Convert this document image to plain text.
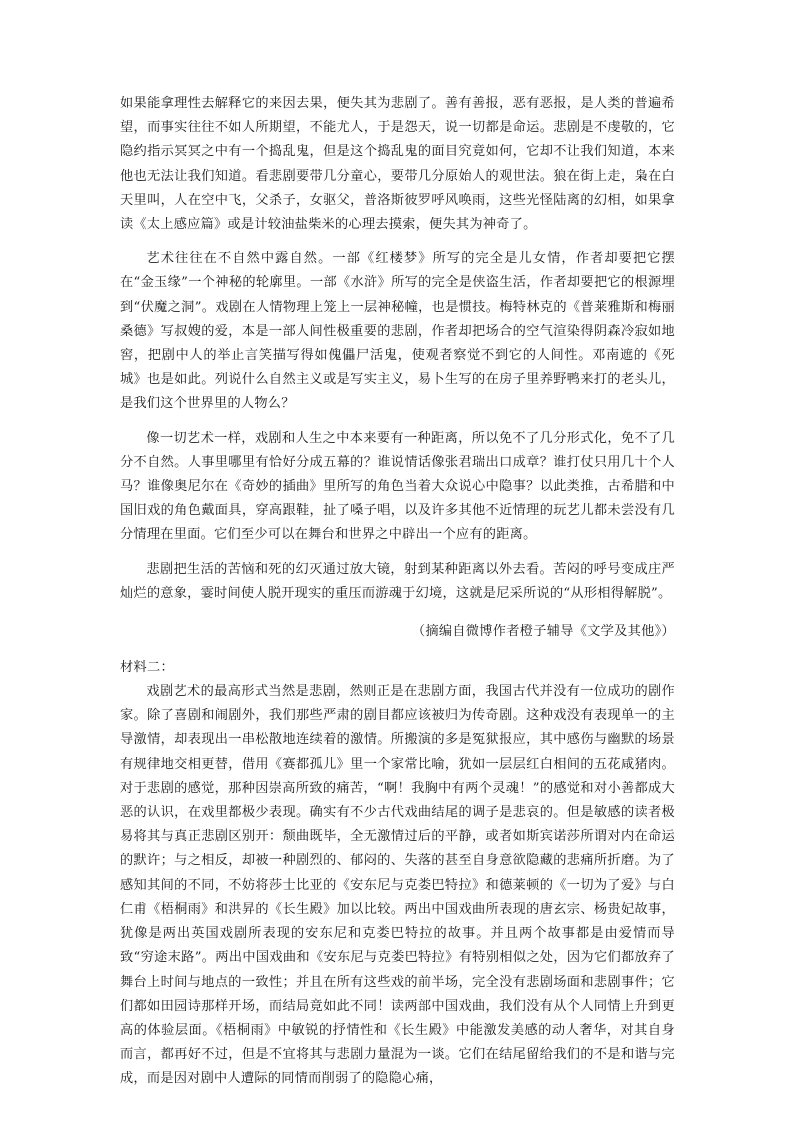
如果能拿理性去解释它的来因去果，便失其为悲剧了。善有善报，恶有恶报，是人类的普遍希望，而事实往往不如人所期望，不能尤人，于是怨天，说一切都是命运。悲剧是不虔敬的，它隐约指示冥冥之中有一个捣乱鬼，但是这个捣乱鬼的面目究竟如何，它却不让我们知道，本来他也无法让我们知道。看悲剧要带几分童心，要带几分原始人的观世法。狼在街上走，枭在白天里叫，人在空中飞，父杀子，女驱父，普洛斯彼罗呼风唤雨，这些光怪陆离的幻相，如果拿读《太上感应篇》或是计较油盐柴米的心理去摸索，便失其为神奇了。

艺术往往在不自然中露自然。一部《红楼梦》所写的完全是儿女情，作者却要把它摆在“金玉缘”一个神秘的轮廓里。一部《水浒》所写的完全是侠盗生活，作者却要把它的根源埋到“伏魔之洞”。戏剧在人情物理上笼上一层神秘幢，也是惯技。梅特林克的《普莱雅斯和梅丽桑德》写叔嫂的爱，本是一部人间性极重要的悲剧，作者却把场合的空气渲染得阴森冷寂如地窖，把剧中人的举止言笑描写得如傀儡尸活鬼，使观者察觉不到它的人间性。邓南遮的《死城》也是如此。列说什么自然主义或是写实主义，易卜生写的在房子里养野鸭来打的老头儿，是我们这个世界里的人物么？

像一切艺术一样，戏剧和人生之中本来要有一种距离，所以免不了几分形式化，免不了几分不自然。人事里哪里有恰好分成五幕的？谁说情话像张君瑞出口成章？谁打仗只用几十个人马？谁像奥尼尔在《奇妙的插曲》里所写的角色当着大众说心中隐事？以此类推，古希腊和中国旧戏的角色戴面具，穿高跟鞋，扯了嗓子唱，以及许多其他不近情理的玩艺儿都未尝没有几分情理在里面。它们至少可以在舞台和世界之中辟出一个应有的距离。

悲剧把生活的苦恼和死的幻灭通过放大镜，射到某种距离以外去看。苦闷的呼号变成庄严灿烂的意象，霎时间使人脱开现实的重压而游魂于幻境，这就是尼采所说的“从形相得解脱”。

（摘编自微博作者橙子辅导《文学及其他》）

材料二：

戏剧艺术的最高形式当然是悲剧，然则正是在悲剧方面，我国古代并没有一位成功的剧作家。除了喜剧和闹剧外，我们那些严肃的剧目都应该被归为传奇剧。这种戏没有表现单一的主导激情，却表现出一串松散地连续着的激情。所搬演的多是冤狱报应，其中感伤与幽默的场景有规律地交相更替，借用《赛都孤儿》里一个家常比喻，犹如一层层红白相间的五花咸猪肉。对于悲剧的感觉，那种因崇高所致的痛苦，“啊！我胸中有两个灵魂！”的感觉和对小善都成大恶的认识，在戏里都极少表现。确实有不少古代戏曲结尾的调子是悲哀的。但是敏感的读者极易将其与真正悲剧区别开：颓曲既毕，全无激情过后的平静，或者如斯宾诺莎所谓对内在命运的默许；与之相反，却被一种剧烈的、郁闷的、失落的甚至自身意欲隐藏的悲痛所折磨。为了感知其间的不同，不妨将莎士比亚的《安东尼与克娄巴特拉》和德莱顿的《一切为了爱》与白仁甫《梧桐雨》和洪昇的《长生殿》加以比较。两出中国戏曲所表现的唐玄宗、杨贵妃故事，犹像是两出英国戏剧所表现的安东尼和克娄巴特拉的故事。并且两个故事都是由爱情而导致“穷途末路”。两出中国戏曲和《安东尼与克娄巴特拉》有特别相似之处，因为它们都放弃了舞台上时间与地点的一致性；并且在所有这些戏的前半场，完全没有悲剧场面和悲剧事件；它们都如田园诗那样开场，而结局竟如此不同！读两部中国戏曲，我们没有从个人同情上升到更高的体验层面。《梧桐雨》中敏锐的抒情性和《长生殿》中能激发美感的动人奢华，对其自身而言，都再好不过，但是不宜将其与悲剧力量混为一谈。它们在结尾留给我们的不是和谐与完成，而是因对剧中人遭际的同情而削弱了的隐隐心痛，
